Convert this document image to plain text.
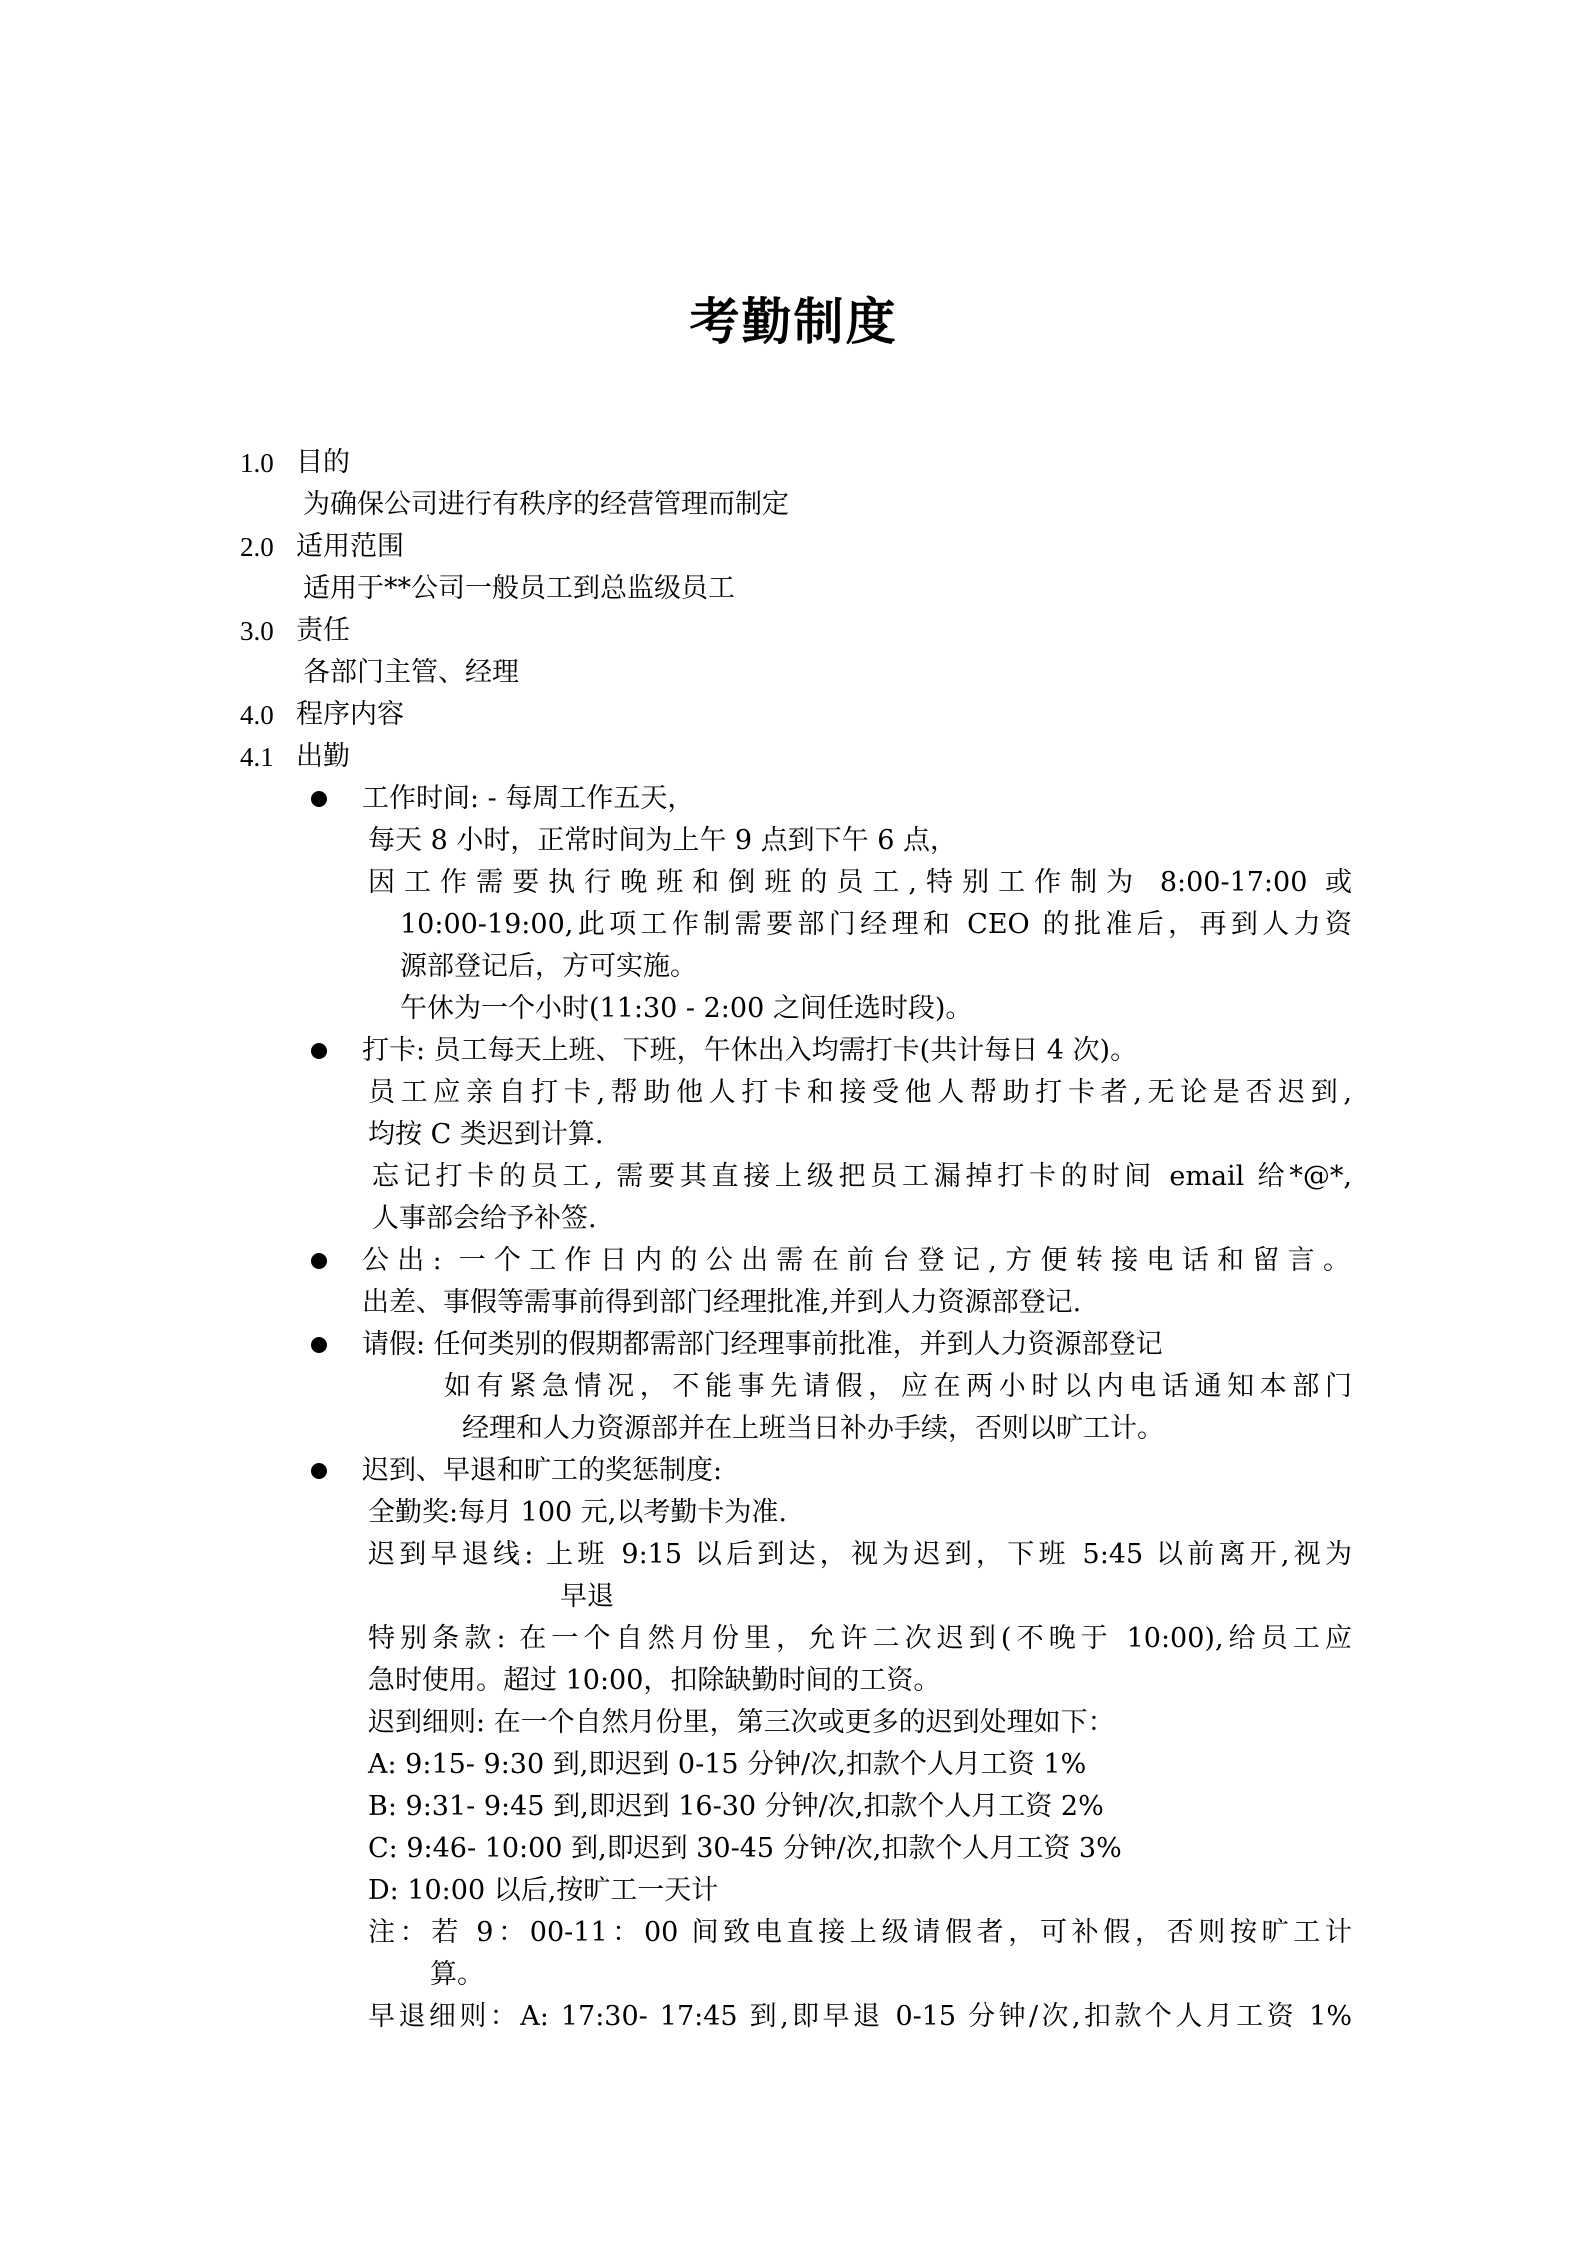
考勤制度
1.0 目的
为确保公司进行有秩序的经营管理而制定
2.0 适用范围
适用于**公司一般员工到总监级员工
3.0 责任
各部门主管、经理
4.0 程序内容
4.1 出勤
工作时间: - 每周工作五天，
每天 8 小时，正常时间为上午 9 点到下午 6 点，
因工作需要执行晚班和倒班的员工,特别工作制为 8:00-17:00 或
10:00-19:00,此项工作制需要部门经理和 CEO 的批准后，再到人力资
源部登记后，方可实施。
午休为一个小时(11:30 - 2:00 之间任选时段)。
打卡: 员工每天上班、下班，午休出入均需打卡(共计每日 4 次)。
员工应亲自打卡,帮助他人打卡和接受他人帮助打卡者,无论是否迟到,
均按 C 类迟到计算.
忘记打卡的员工, 需要其直接上级把员工漏掉打卡的时间 email 给*@*,
人事部会给予补签.
公出: 一个工作日内的公出需在前台登记,方便转接电话和留言。
出差、事假等需事前得到部门经理批准,并到人力资源部登记.
请假: 任何类别的假期都需部门经理事前批准，并到人力资源部登记
如有紧急情况，不能事先请假，应在两小时以内电话通知本部门
经理和人力资源部并在上班当日补办手续，否则以旷工计。
迟到、早退和旷工的奖惩制度:
全勤奖:每月 100 元,以考勤卡为准.
迟到早退线: 上班 9:15 以后到达，视为迟到，下班 5:45 以前离开,视为
早退
特别条款: 在一个自然月份里，允许二次迟到(不晚于 10:00),给员工应
急时使用。超过 10:00，扣除缺勤时间的工资。
迟到细则: 在一个自然月份里，第三次或更多的迟到处理如下：
A: 9:15- 9:30 到,即迟到 0-15 分钟/次,扣款个人月工资 1%
B: 9:31- 9:45 到,即迟到 16-30 分钟/次,扣款个人月工资 2%
C: 9:46- 10:00 到,即迟到 30-45 分钟/次,扣款个人月工资 3%
D: 10:00 以后,按旷工一天计
注：若 9：00-11：00 间致电直接上级请假者，可补假，否则按旷工计
算。
早退细则：A: 17:30- 17:45 到,即早退 0-15 分钟/次,扣款个人月工资 1%
